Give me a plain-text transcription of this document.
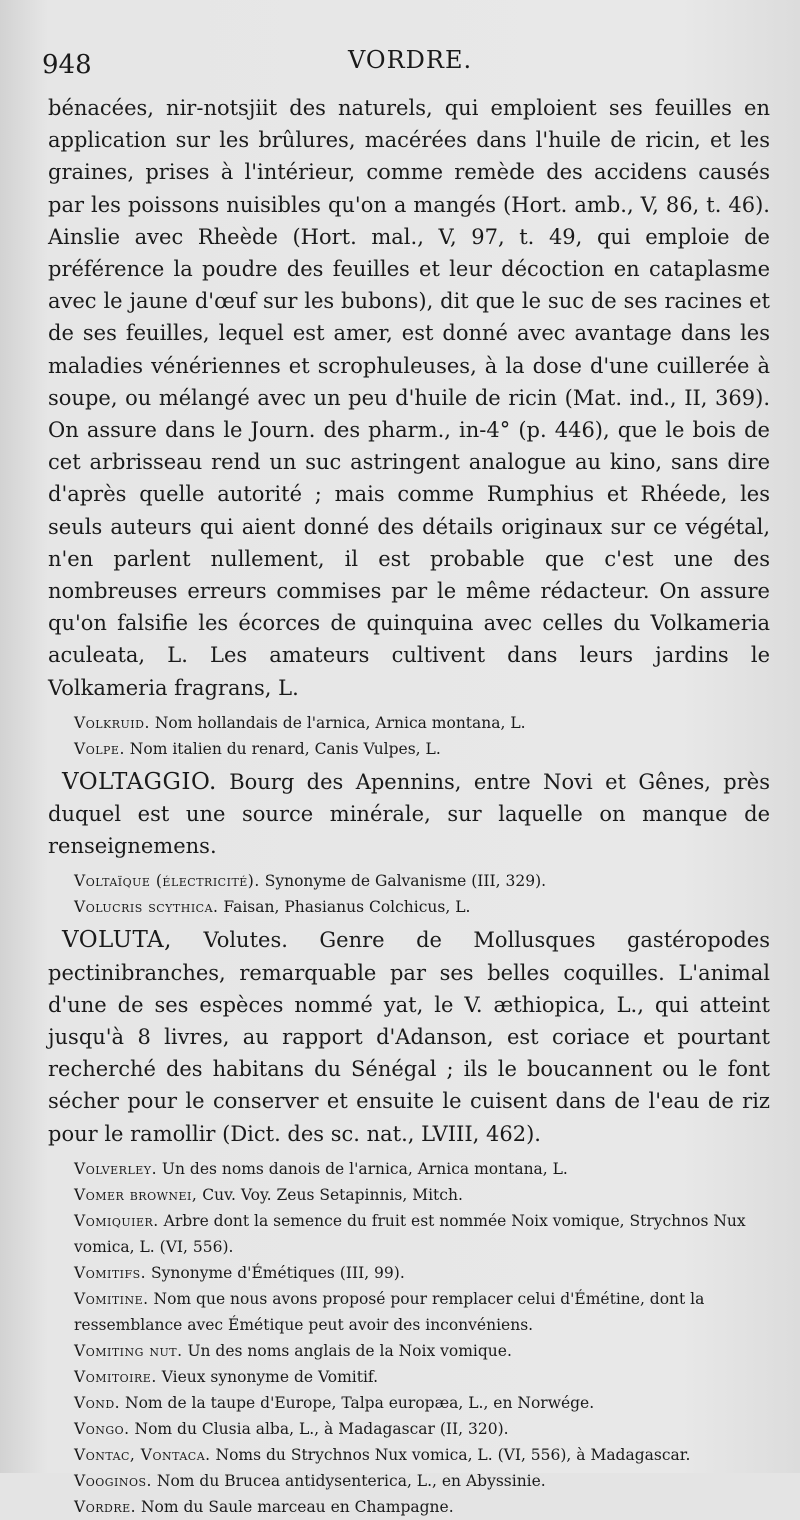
948	VORDRE.
bénacées, nir-notsjiit des naturels, qui emploient ses feuilles en application sur les brûlures, macérées dans l'huile de ricin, et les graines, prises à l'intérieur, comme remède des accidens causés par les poissons nuisibles qu'on a mangés (Hort. amb., V, 86, t. 46). Ainslie avec Rheède (Hort. mal., V, 97, t. 49, qui emploie de préférence la poudre des feuilles et leur décoction en cataplasme avec le jaune d'œuf sur les bubons), dit que le suc de ses racines et de ses feuilles, lequel est amer, est donné avec avantage dans les maladies vénériennes et scrophuleuses, à la dose d'une cuillerée à soupe, ou mélangé avec un peu d'huile de ricin (Mat. ind., II, 369). On assure dans le Journ. des pharm., in-4° (p. 446), que le bois de cet arbrisseau rend un suc astringent analogue au kino, sans dire d'après quelle autorité ; mais comme Rumphius et Rhéede, les seuls auteurs qui aient donné des détails originaux sur ce végétal, n'en parlent nullement, il est probable que c'est une des nombreuses erreurs commises par le même rédacteur. On assure qu'on falsifie les écorces de quinquina avec celles du Volkameria aculeata, L. Les amateurs cultivent dans leurs jardins le Volkameria fragrans, L.
Volkruid. Nom hollandais de l'arnica, Arnica montana, L.
Volpe. Nom italien du renard, Canis Vulpes, L.
VOLTAGGIO. Bourg des Apennins, entre Novi et Gênes, près duquel est une source minérale, sur laquelle on manque de renseignemens.
Voltaïque (électricité). Synonyme de Galvanisme (III, 329).
Volucris scythica. Faisan, Phasianus Colchicus, L.
VOLUTA, Volutes. Genre de Mollusques gastéropodes pectinibranches, remarquable par ses belles coquilles. L'animal d'une de ses espèces nommé yat, le V. æthiopica, L., qui atteint jusqu'à 8 livres, au rapport d'Adanson, est coriace et pourtant recherché des habitans du Sénégal ; ils le boucannent ou le font sécher pour le conserver et ensuite le cuisent dans de l'eau de riz pour le ramollir (Dict. des sc. nat., LVIII, 462).
Volverley. Un des noms danois de l'arnica, Arnica montana, L.
Vomer brownei, Cuv. Voy. Zeus Setapinnis, Mitch.
Vomiquier. Arbre dont la semence du fruit est nommée Noix vomique, Strychnos Nux vomica, L. (VI, 556).
Vomitifs. Synonyme d'Émétiques (III, 99).
Vomitine. Nom que nous avons proposé pour remplacer celui d'Émétine, dont la ressemblance avec Émétique peut avoir des inconvéniens.
Vomiting nut. Un des noms anglais de la Noix vomique.
Vomitoire. Vieux synonyme de Vomitif.
Vond. Nom de la taupe d'Europe, Talpa europæa, L., en Norwége.
Vongo. Nom du Clusia alba, L., à Madagascar (II, 320).
Vontac, Vontaca. Noms du Strychnos Nux vomica, L. (VI, 556), à Madagascar.
Vooginos. Nom du Brucea antidysenterica, L., en Abyssinie.
Vordre. Nom du Saule marceau en Champagne.
